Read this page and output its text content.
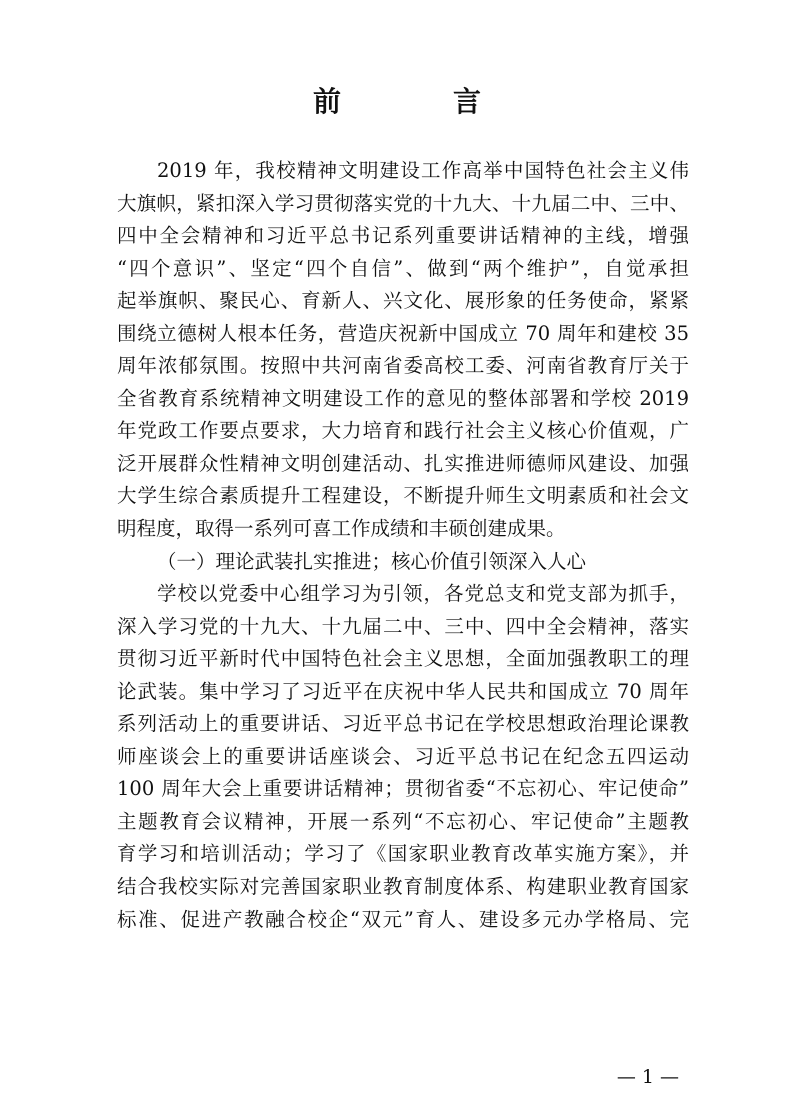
前　言

2019 年，我校精神文明建设工作高举中国特色社会主义伟

大旗帜，紧扣深入学习贯彻落实党的十九大、十九届二中、三中、

四中全会精神和习近平总书记系列重要讲话精神的主线，增强

“四个意识”、坚定“四个自信”、做到“两个维护”，自觉承担

起举旗帜、聚民心、育新人、兴文化、展形象的任务使命，紧紧

围绕立德树人根本任务，营造庆祝新中国成立 70 周年和建校 35

周年浓郁氛围。按照中共河南省委高校工委、河南省教育厅关于

全省教育系统精神文明建设工作的意见的整体部署和学校 2019

年党政工作要点要求，大力培育和践行社会主义核心价值观，广

泛开展群众性精神文明创建活动、扎实推进师德师风建设、加强

大学生综合素质提升工程建设，不断提升师生文明素质和社会文

明程度，取得一系列可喜工作成绩和丰硕创建成果。

（一）理论武装扎实推进；核心价值引领深入人心

学校以党委中心组学习为引领，各党总支和党支部为抓手，

深入学习党的十九大、十九届二中、三中、四中全会精神，落实

贯彻习近平新时代中国特色社会主义思想，全面加强教职工的理

论武装。集中学习了习近平在庆祝中华人民共和国成立 70 周年

系列活动上的重要讲话、习近平总书记在学校思想政治理论课教

师座谈会上的重要讲话座谈会、习近平总书记在纪念五四运动

100 周年大会上重要讲话精神；贯彻省委“不忘初心、牢记使命”

主题教育会议精神，开展一系列“不忘初心、牢记使命”主题教

育学习和培训活动；学习了《国家职业教育改革实施方案》，并

结合我校实际对完善国家职业教育制度体系、构建职业教育国家

标准、促进产教融合校企“双元”育人、建设多元办学格局、完

— 1 —
